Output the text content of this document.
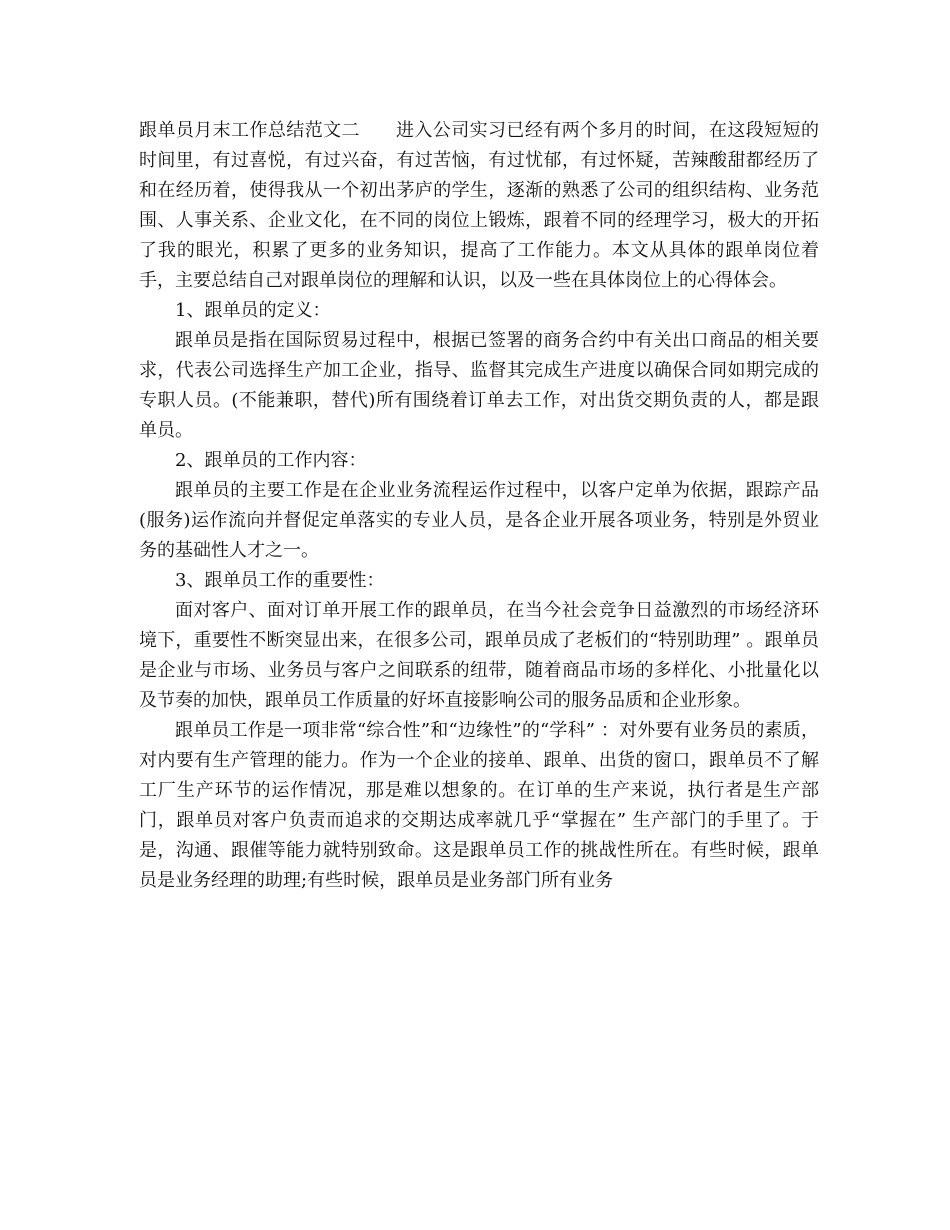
跟单员月末工作总结范文二 进入公司实习已经有两个多月的时间，在这段短短的时间里，有过喜悦，有过兴奋，有过苦恼，有过忧郁，有过怀疑，苦辣酸甜都经历了和在经历着，使得我从一个初出茅庐的学生，逐渐的熟悉了公司的组织结构、业务范围、人事关系、企业文化，在不同的岗位上锻炼，跟着不同的经理学习，极大的开拓了我的眼光，积累了更多的业务知识，提高了工作能力。本文从具体的跟单岗位着手，主要总结自己对跟单岗位的理解和认识，以及一些在具体岗位上的心得体会。

1、跟单员的定义：

跟单员是指在国际贸易过程中，根据已签署的商务合约中有关出口商品的相关要求，代表公司选择生产加工企业，指导、监督其完成生产进度以确保合同如期完成的专职人员。(不能兼职，替代)所有围绕着订单去工作，对出货交期负责的人，都是跟单员。

2、跟单员的工作内容：

跟单员的主要工作是在企业业务流程运作过程中，以客户定单为依据，跟踪产品(服务)运作流向并督促定单落实的专业人员，是各企业开展各项业务，特别是外贸业务的基础性人才之一。

3、跟单员工作的重要性：

面对客户、面对订单开展工作的跟单员，在当今社会竞争日益激烈的市场经济环境下，重要性不断突显出来，在很多公司，跟单员成了老板们的“特别助理” 。跟单员是企业与市场、业务员与客户之间联系的纽带，随着商品市场的多样化、小批量化以及节奏的加快，跟单员工作质量的好坏直接影响公司的服务品质和企业形象。

跟单员工作是一项非常“综合性”和“边缘性”的“学科” ：对外要有业务员的素质，对内要有生产管理的能力。作为一个企业的接单、跟单、出货的窗口，跟单员不了解工厂生产环节的运作情况，那是难以想象的。在订单的生产来说，执行者是生产部门，跟单员对客户负责而追求的交期达成率就几乎“掌握在” 生产部门的手里了。于是，沟通、跟催等能力就特别致命。这是跟单员工作的挑战性所在。有些时候，跟单员是业务经理的助理;有些时候，跟单员是业务部门所有业务
